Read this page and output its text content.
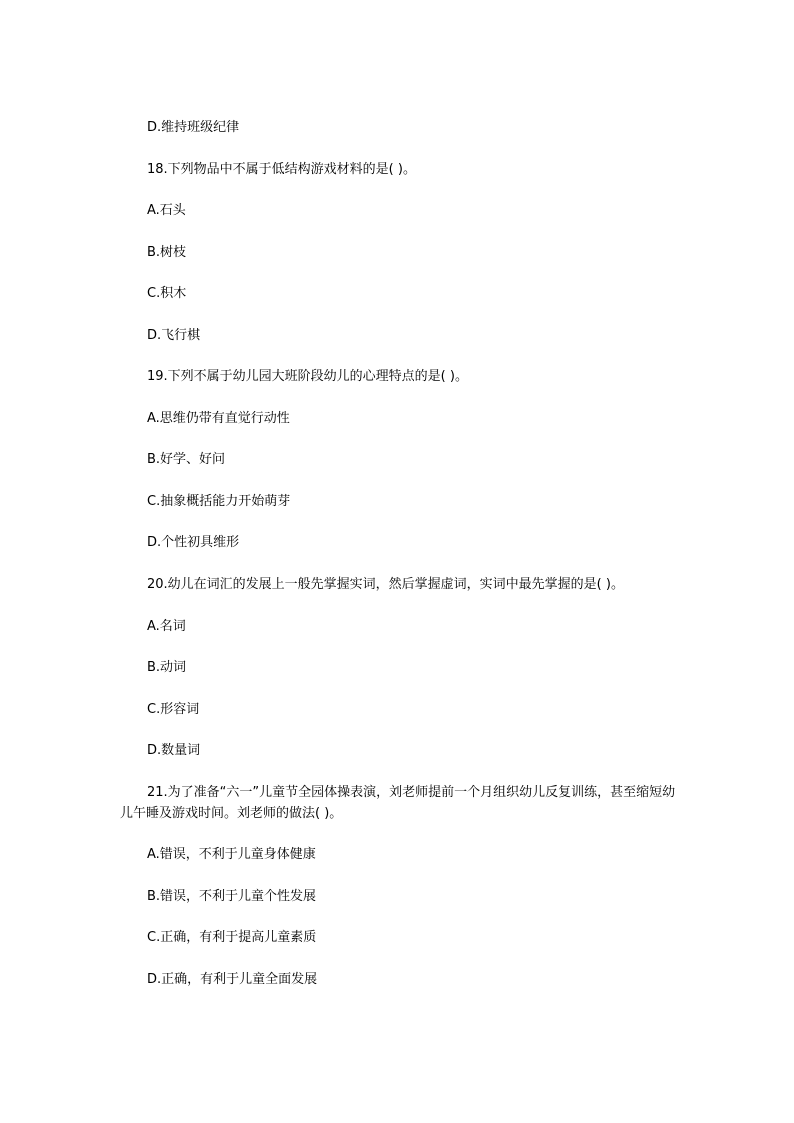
D.维持班级纪律

18.下列物品中不属于低结构游戏材料的是( )。

A.石头

B.树枝

C.积木

D.飞行棋

19.下列不属于幼儿园大班阶段幼儿的心理特点的是( )。

A.思维仍带有直觉行动性

B.好学、好问

C.抽象概括能力开始萌芽

D.个性初具维形

20.幼儿在词汇的发展上一般先掌握实词，然后掌握虚词，实词中最先掌握的是( )。

A.名词

B.动词

C.形容词

D.数量词

21.为了准备“六一”儿童节全园体操表演，刘老师提前一个月组织幼儿反复训练，甚至缩短幼儿午睡及游戏时间。刘老师的做法( )。

A.错误，不利于儿童身体健康

B.错误，不利于儿童个性发展

C.正确，有利于提高儿童素质

D.正确，有利于儿童全面发展
